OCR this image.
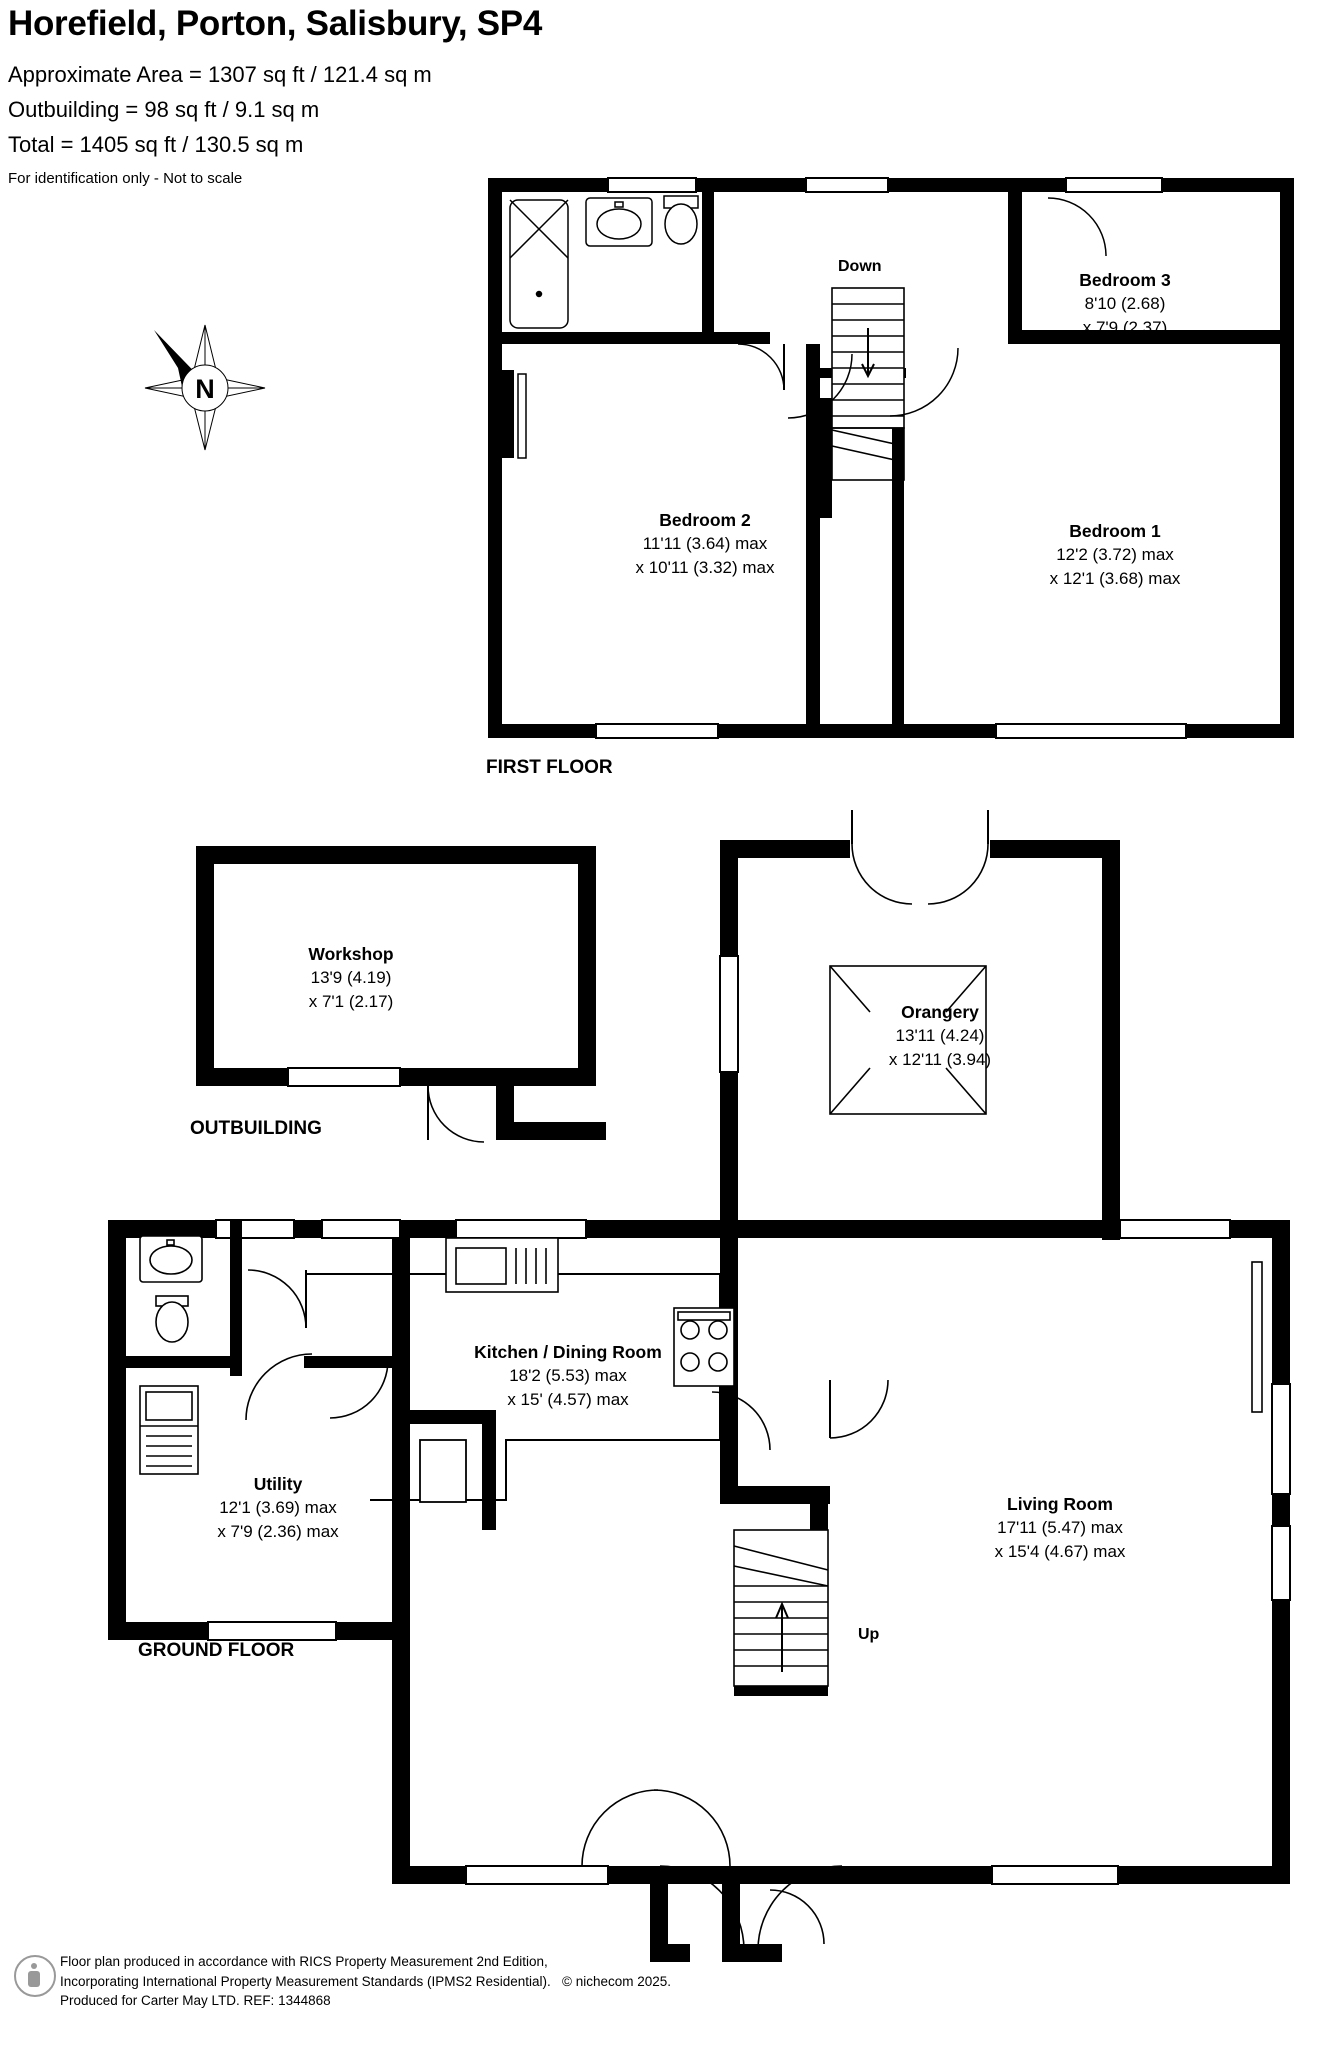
Horefield, Porton, Salisbury, SP4
Approximate Area = 1307 sq ft / 121.4 sq m
Outbuilding = 98 sq ft / 9.1 sq m
Total = 1405 sq ft / 130.5 sq m
For identification only - Not to scale
N
Bedroom 3
8'10 (2.68)
x 7'9 (2.37)
Bedroom 2
11'11 (3.64) max
x 10'11 (3.32) max
Bedroom 1
12'2 (3.72) max
x 12'1 (3.68) max
Down
FIRST FLOOR
Workshop
13'9 (4.19)
x 7'1 (2.17)
OUTBUILDING
Orangery
13'11 (4.24)
x 12'11 (3.94)
Kitchen / Dining Room
18'2 (5.53) max
x 15' (4.57) max
Utility
12'1 (3.69) max
x 7'9 (2.36) max
Living Room
17'11 (5.47) max
x 15'4 (4.67) max
Up
GROUND FLOOR
Floor plan produced in accordance with RICS Property Measurement 2nd Edition,
Incorporating International Property Measurement Standards (IPMS2 Residential). © nichecom 2025.
Produced for Carter May LTD. REF: 1344868
